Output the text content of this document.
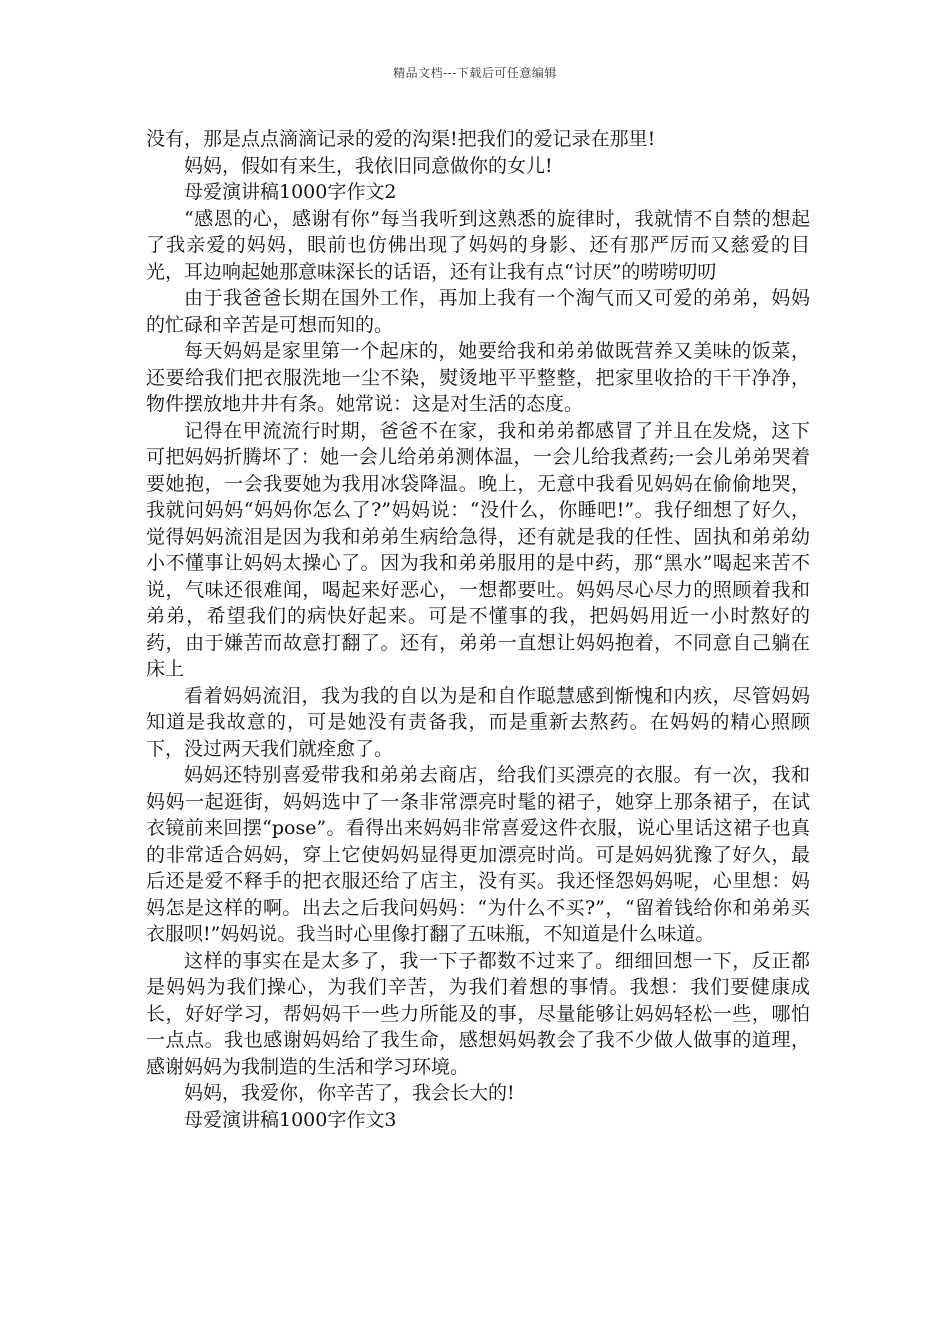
精品文档---下载后可任意编辑

没有，那是点点滴滴记录的爱的沟渠!把我们的爱记录在那里!

妈妈，假如有来生，我依旧同意做你的女儿!

母爱演讲稿1000字作文2

“感恩的心，感谢有你”每当我听到这熟悉的旋律时，我就情不自禁的想起了我亲爱的妈妈，眼前也仿佛出现了妈妈的身影、还有那严厉而又慈爱的目光，耳边响起她那意味深长的话语，还有让我有点“讨厌”的唠唠叨叨

由于我爸爸长期在国外工作，再加上我有一个淘气而又可爱的弟弟，妈妈的忙碌和辛苦是可想而知的。

每天妈妈是家里第一个起床的，她要给我和弟弟做既营养又美味的饭菜，还要给我们把衣服洗地一尘不染，熨烫地平平整整，把家里收拾的干干净净，物件摆放地井井有条。她常说：这是对生活的态度。

记得在甲流流行时期，爸爸不在家，我和弟弟都感冒了并且在发烧，这下可把妈妈折腾坏了：她一会儿给弟弟测体温，一会儿给我煮药;一会儿弟弟哭着要她抱，一会我要她为我用冰袋降温。晚上，无意中我看见妈妈在偷偷地哭，我就问妈妈“妈妈你怎么了?”妈妈说：“没什么，你睡吧!”。我仔细想了好久，觉得妈妈流泪是因为我和弟弟生病给急得，还有就是我的任性、固执和弟弟幼小不懂事让妈妈太操心了。因为我和弟弟服用的是中药，那“黑水”喝起来苦不说，气味还很难闻，喝起来好恶心，一想都要吐。妈妈尽心尽力的照顾着我和弟弟，希望我们的病快好起来。可是不懂事的我，把妈妈用近一小时熬好的药，由于嫌苦而故意打翻了。还有，弟弟一直想让妈妈抱着，不同意自己躺在床上

看着妈妈流泪，我为我的自以为是和自作聪慧感到惭愧和内疚，尽管妈妈知道是我故意的，可是她没有责备我，而是重新去熬药。在妈妈的精心照顾下，没过两天我们就痊愈了。

妈妈还特别喜爱带我和弟弟去商店，给我们买漂亮的衣服。有一次，我和妈妈一起逛街，妈妈选中了一条非常漂亮时髦的裙子，她穿上那条裙子，在试衣镜前来回摆“pose”。看得出来妈妈非常喜爱这件衣服，说心里话这裙子也真的非常适合妈妈，穿上它使妈妈显得更加漂亮时尚。可是妈妈犹豫了好久，最后还是爱不释手的把衣服还给了店主，没有买。我还怪怨妈妈呢，心里想：妈妈怎是这样的啊。出去之后我问妈妈：“为什么不买?”，“留着钱给你和弟弟买衣服呗!”妈妈说。我当时心里像打翻了五味瓶，不知道是什么味道。

这样的事实在是太多了，我一下子都数不过来了。细细回想一下，反正都是妈妈为我们操心，为我们辛苦，为我们着想的事情。我想：我们要健康成长，好好学习，帮妈妈干一些力所能及的事，尽量能够让妈妈轻松一些，哪怕一点点。我也感谢妈妈给了我生命，感想妈妈教会了我不少做人做事的道理，感谢妈妈为我制造的生活和学习环境。

妈妈，我爱你，你辛苦了，我会长大的!

母爱演讲稿1000字作文3
